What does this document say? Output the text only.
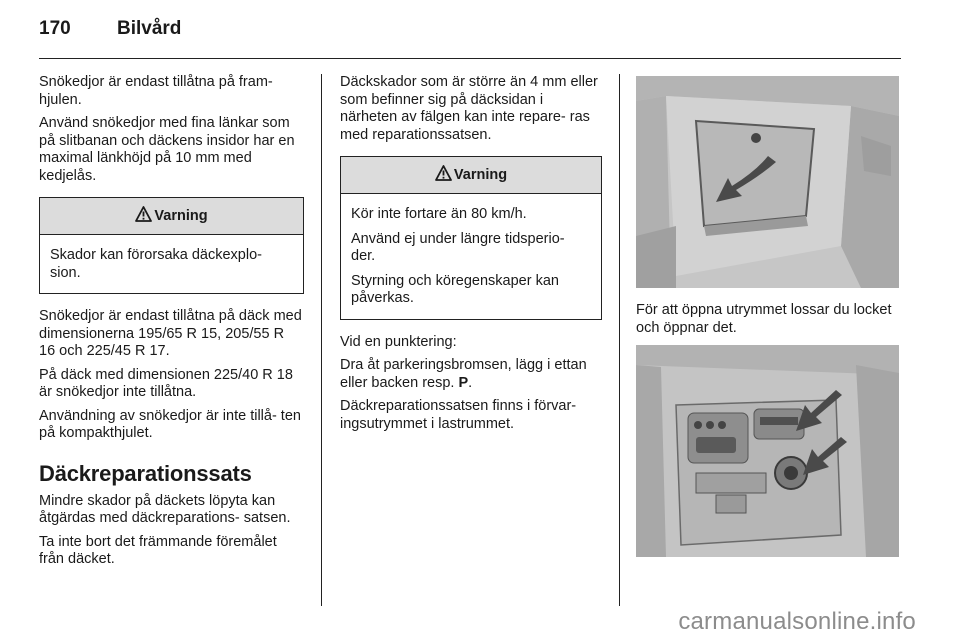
170 Bilvård

Snökedjor är endast tillåtna på fram‐ hjulen.

Använd snökedjor med fina länkar som på slitbanan och däckens insidor har en maximal länkhöjd på 10 mm med kedjelås.

Varning

Skador kan förorsaka däckexplo‐ sion.

Snökedjor är endast tillåtna på däck med dimensionerna 195/65 R 15, 205/55 R 16 och 225/45 R 17.

På däck med dimensionen 225/40 R 18 är snökedjor inte tillåtna.

Användning av snökedjor är inte tillå‐ ten på kompakthjulet.

Däckreparationssats

Mindre skador på däckets löpyta kan åtgärdas med däckreparations‐ satsen.

Ta inte bort det främmande föremålet från däcket.

Däckskador som är större än 4 mm eller som befinner sig på däcksidan i närheten av fälgen kan inte repare‐ ras med reparationssatsen.

Varning

Kör inte fortare än 80 km/h.

Använd ej under längre tidsperio‐ der.

Styrning och köregenskaper kan påverkas.

Vid en punktering:

Dra åt parkeringsbromsen, lägg i ettan eller backen resp. P.

Däckreparationssatsen finns i förvar‐ ingsutrymmet i lastrummet.

För att öppna utrymmet lossar du locket och öppnar det.

carmanualsonline.info
